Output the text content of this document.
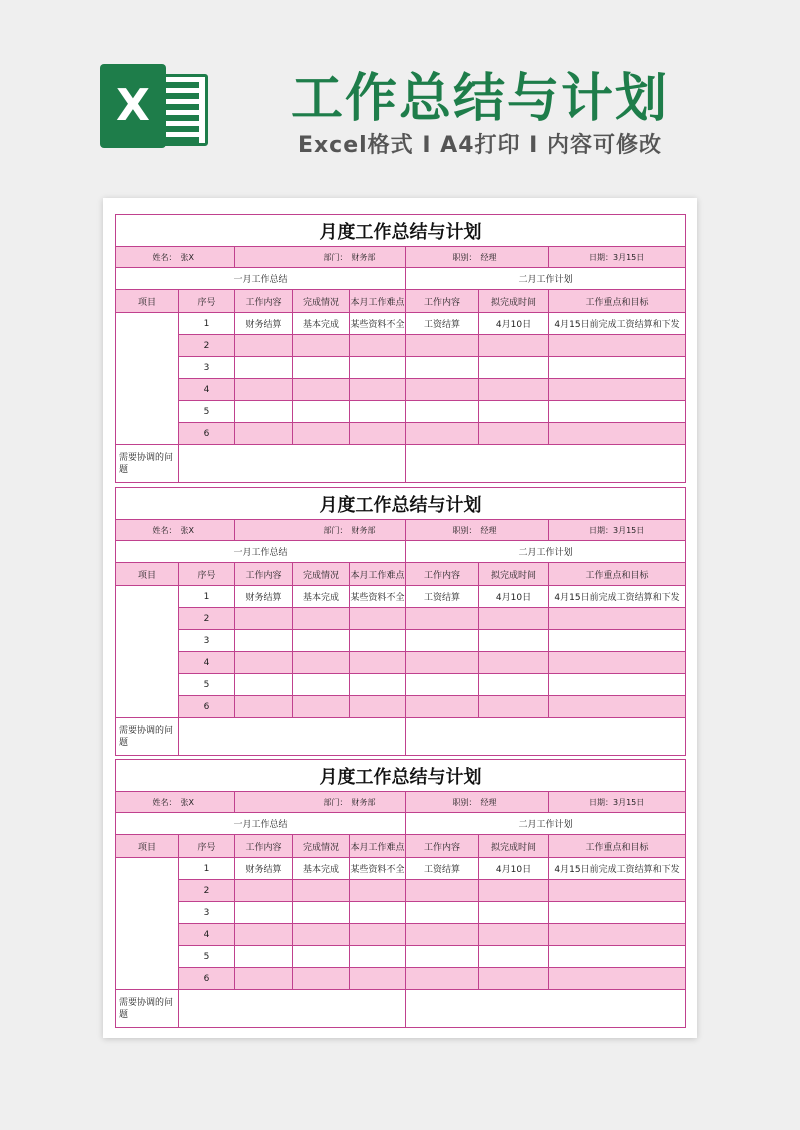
X	工作总结与计划
Excel格式 I A4打印 I 内容可修改
月度工作总结与计划							
姓名：	张X	部门：		财务部	职别：	经理	日期：3月15日
一月工作总结					二月工作计划		
项目	序号	工作内容	完成情况	本月工作难点	工作内容	拟完成时间	工作重点和目标
	1	财务结算	基本完成	某些资料不全	工资结算	4月10日	4月15日前完成工资结算和下发
	2						
	3						
	4						
	5						
	6						
需要协调的问题							
月度工作总结与计划							
姓名：	张X	部门：		财务部	职别：	经理	日期：3月15日
一月工作总结					二月工作计划		
项目	序号	工作内容	完成情况	本月工作难点	工作内容	拟完成时间	工作重点和目标
	1	财务结算	基本完成	某些资料不全	工资结算	4月10日	4月15日前完成工资结算和下发
	2						
	3						
	4						
	5						
	6						
需要协调的问题							
月度工作总结与计划							
姓名：	张X	部门：		财务部	职别：	经理	日期：3月15日
一月工作总结					二月工作计划		
项目	序号	工作内容	完成情况	本月工作难点	工作内容	拟完成时间	工作重点和目标
	1	财务结算	基本完成	某些资料不全	工资结算	4月10日	4月15日前完成工资结算和下发
	2						
	3						
	4						
	5						
	6						
需要协调的问题							
